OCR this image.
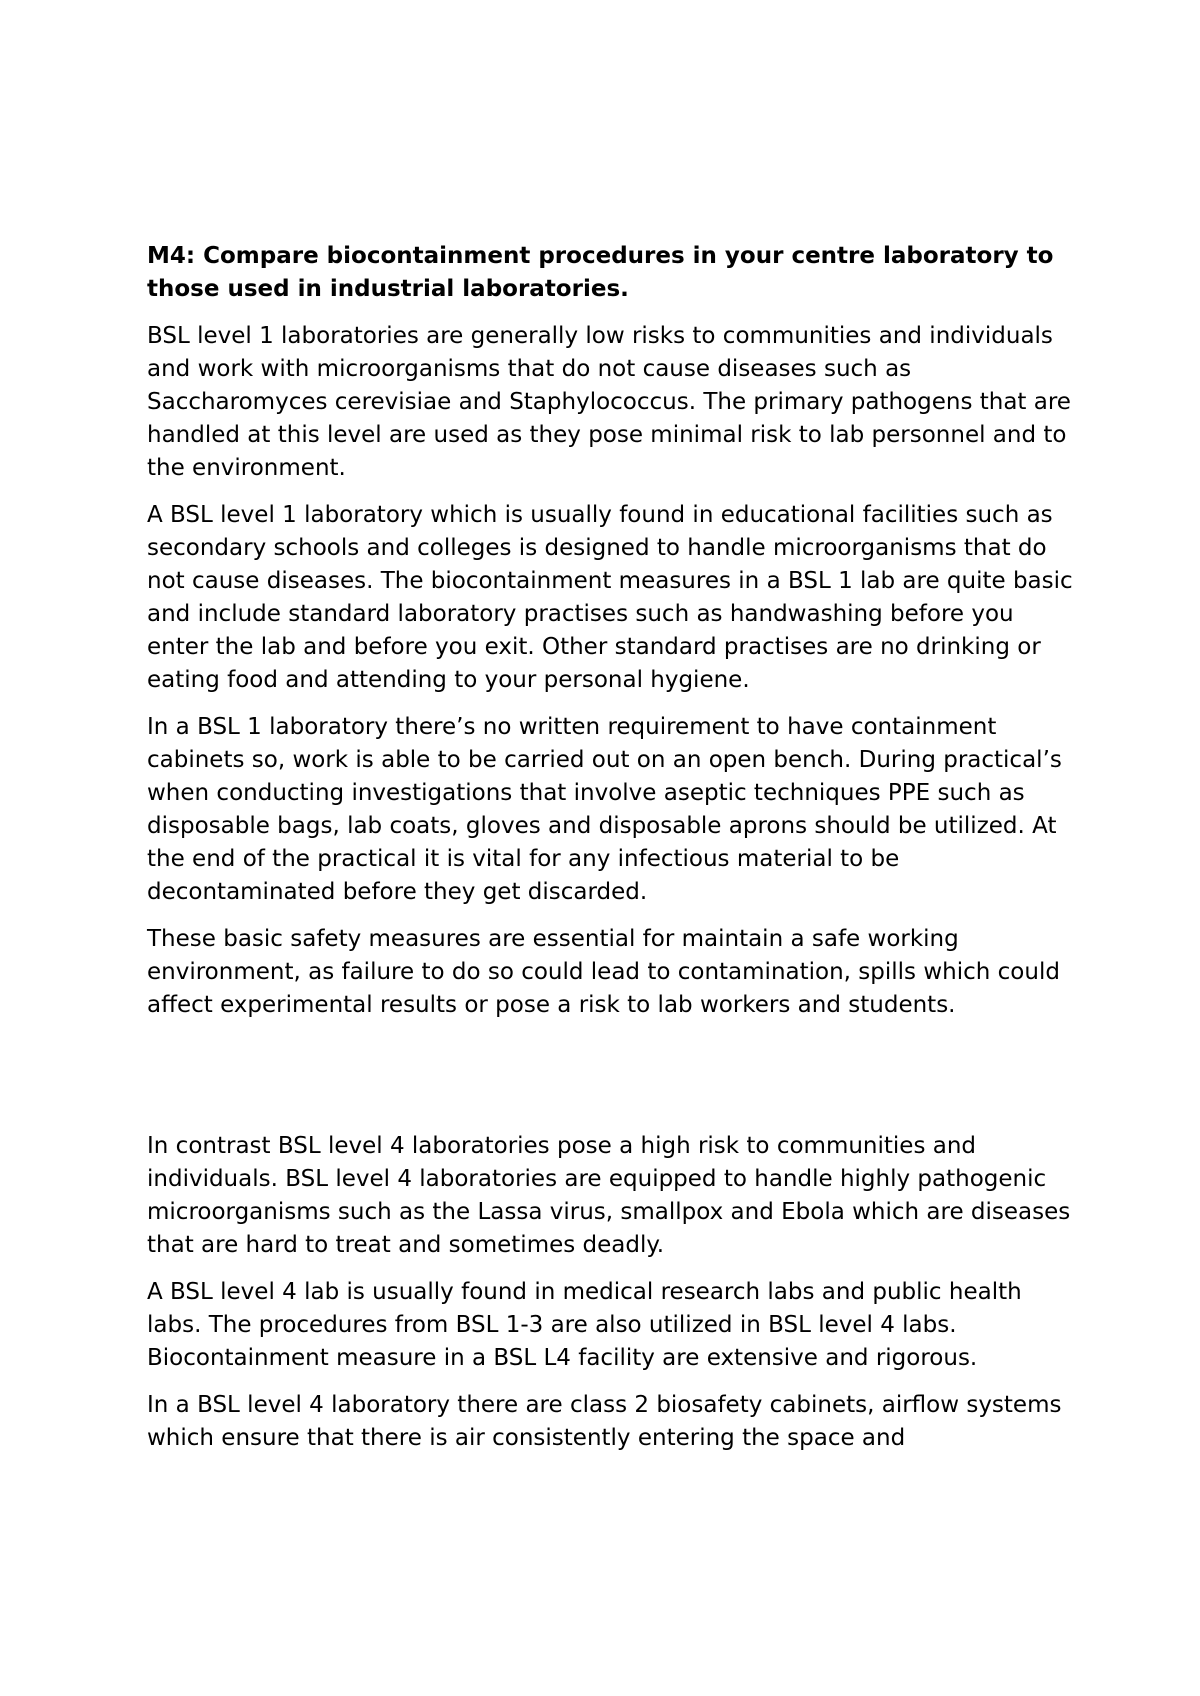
M4: Compare biocontainment procedures in your centre laboratory to those used in industrial laboratories.

BSL level 1 laboratories are generally low risks to communities and individuals and work with microorganisms that do not cause diseases such as Saccharomyces cerevisiae and Staphylococcus. The primary pathogens that are handled at this level are used as they pose minimal risk to lab personnel and to the environment.

A BSL level 1 laboratory which is usually found in educational facilities such as secondary schools and colleges is designed to handle microorganisms that do not cause diseases. The biocontainment measures in a BSL 1 lab are quite basic and include standard laboratory practises such as handwashing before you enter the lab and before you exit. Other standard practises are no drinking or eating food and attending to your personal hygiene.

In a BSL 1 laboratory there’s no written requirement to have containment cabinets so, work is able to be carried out on an open bench. During practical’s when conducting investigations that involve aseptic techniques PPE such as disposable bags, lab coats, gloves and disposable aprons should be utilized. At the end of the practical it is vital for any infectious material to be decontaminated before they get discarded.

These basic safety measures are essential for maintain a safe working environment, as failure to do so could lead to contamination, spills which could affect experimental results or pose a risk to lab workers and students.

In contrast BSL level 4 laboratories pose a high risk to communities and individuals. BSL level 4 laboratories are equipped to handle highly pathogenic microorganisms such as the Lassa virus, smallpox and Ebola which are diseases that are hard to treat and sometimes deadly.

A BSL level 4 lab is usually found in medical research labs and public health labs. The procedures from BSL 1-3 are also utilized in BSL level 4 labs. Biocontainment measure in a BSL L4 facility are extensive and rigorous.

In a BSL level 4 laboratory there are class 2 biosafety cabinets, airflow systems which ensure that there is air consistently entering the space and
